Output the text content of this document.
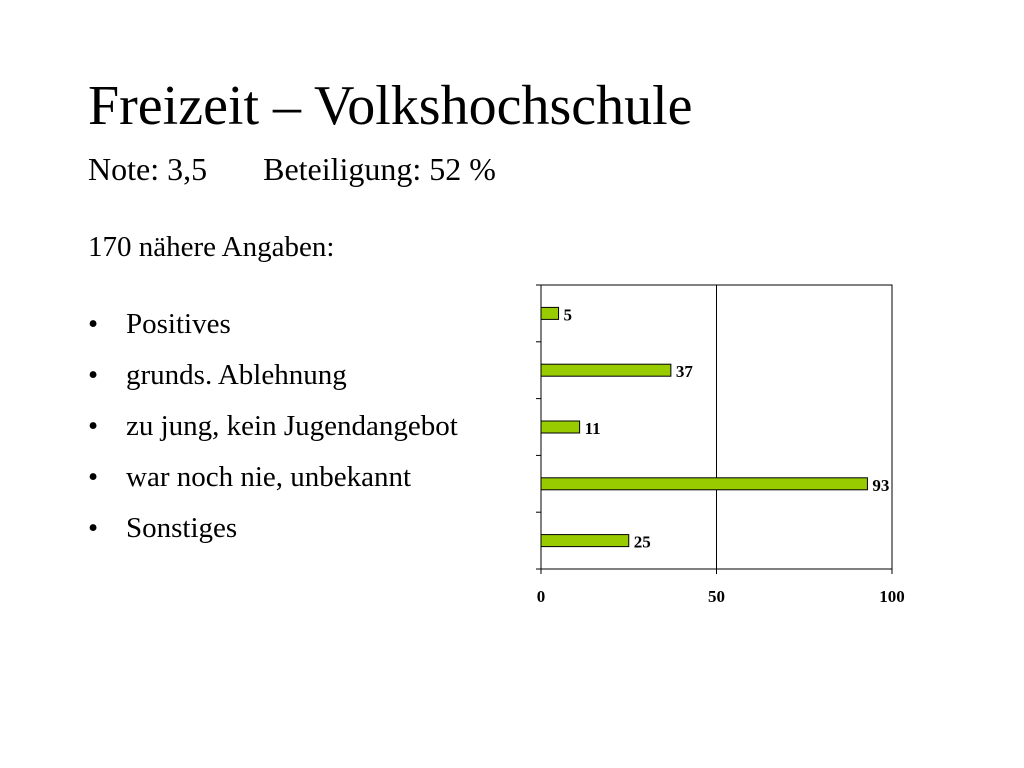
Freizeit – Volkshochschule
Note: 3,5 Beteiligung: 52 %
170 nähere Angaben:
• Positives
• grunds. Ablehnung
• zu jung, kein Jugendangebot
• war noch nie, unbekannt
• Sonstiges
0	50	100
5
37
11
93
25
